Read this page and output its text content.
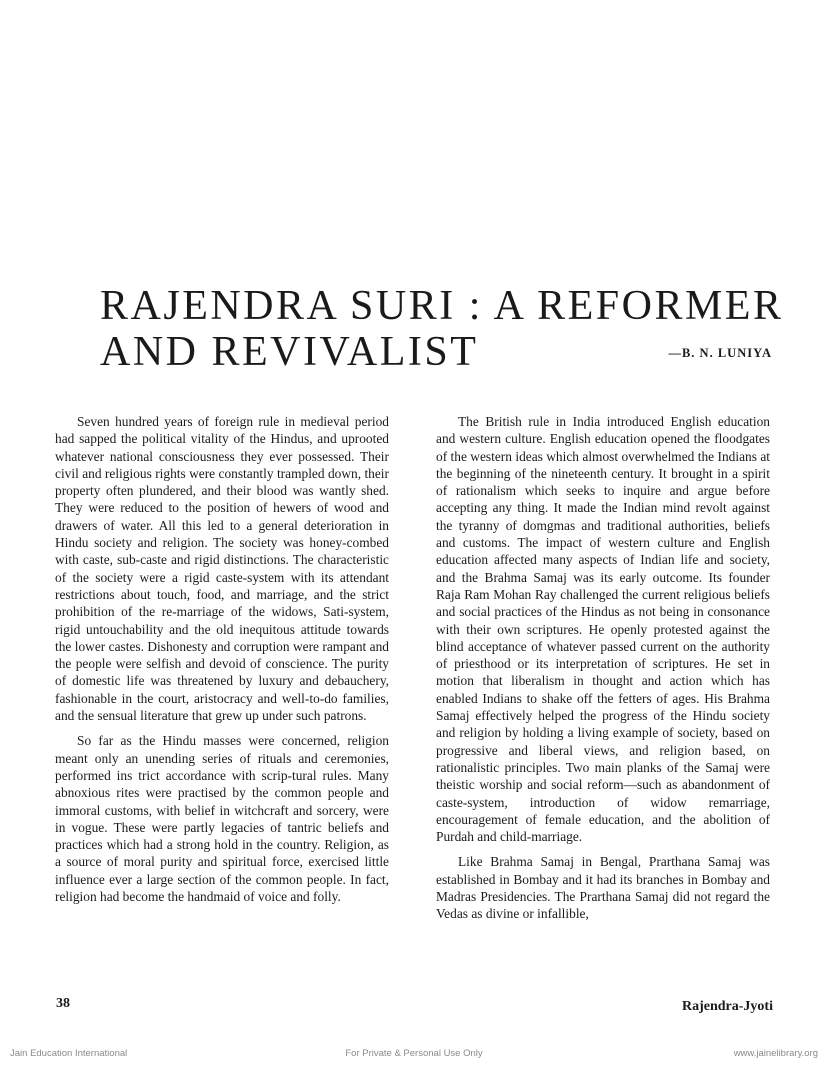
RAJENDRA SURI : A REFORMER
AND REVIVALIST	—B. N. LUNIYA

Seven hundred years of foreign rule in medieval period had sapped the political vitality of the Hindus, and uprooted whatever national consciousness they ever possessed. Their civil and religious rights were constantly trampled down, their property often plundered, and their blood was wantly shed. They were reduced to the position of hewers of wood and drawers of water. All this led to a general deterioration in Hindu society and religion. The society was honey-combed with caste, sub-caste and rigid distinctions. The characteristic of the society were a rigid caste-system with its attendant restrictions about touch, food, and marriage, and the strict prohibition of the re-marriage of the widows, Sati-system, rigid untouchability and the old inequitous attitude towards the lower castes. Dishonesty and corruption were rampant and the people were selfish and devoid of conscience. The purity of domestic life was threatened by luxury and debauchery, fashionable in the court, aristocracy and well-to-do families, and the sensual literature that grew up under such patrons.

So far as the Hindu masses were concerned, religion meant only an unending series of rituals and ceremonies, performed ins trict accordance with scrip-tural rules. Many abnoxious rites were practised by the common people and immoral customs, with belief in witchcraft and sorcery, were in vogue. These were partly legacies of tantric beliefs and practices which had a strong hold in the country. Religion, as a source of moral purity and spiritual force, exercised little influence ever a large section of the common people. In fact, religion had become the handmaid of voice and folly.

The British rule in India introduced English education and western culture. English education opened the floodgates of the western ideas which almost overwhelmed the Indians at the beginning of the nineteenth century. It brought in a spirit of rationalism which seeks to inquire and argue before accepting any thing. It made the Indian mind revolt against the tyranny of domgmas and traditional authorities, beliefs and customs. The impact of western culture and English education affected many aspects of Indian life and society, and the Brahma Samaj was its early outcome. Its founder Raja Ram Mohan Ray challenged the current religious beliefs and social practices of the Hindus as not being in consonance with their own scriptures. He openly protested against the blind acceptance of whatever passed current on the authority of priesthood or its interpretation of scriptures. He set in motion that liberalism in thought and action which has enabled Indians to shake off the fetters of ages. His Brahma Samaj effectively helped the progress of the Hindu society and religion by holding a living example of society, based on progressive and liberal views, and religion based, on rationalistic principles. Two main planks of the Samaj were theistic worship and social reform—such as abandonment of caste-system, introduction of widow remarriage, encouragement of female education, and the abolition of Purdah and child-marriage.

Like Brahma Samaj in Bengal, Prarthana Samaj was established in Bombay and it had its branches in Bombay and Madras Presidencies. The Prarthana Samaj did not regard the Vedas as divine or infallible,

38	Rajendra-Jyoti
Jain Education International	For Private & Personal Use Only	www.jainelibrary.org
